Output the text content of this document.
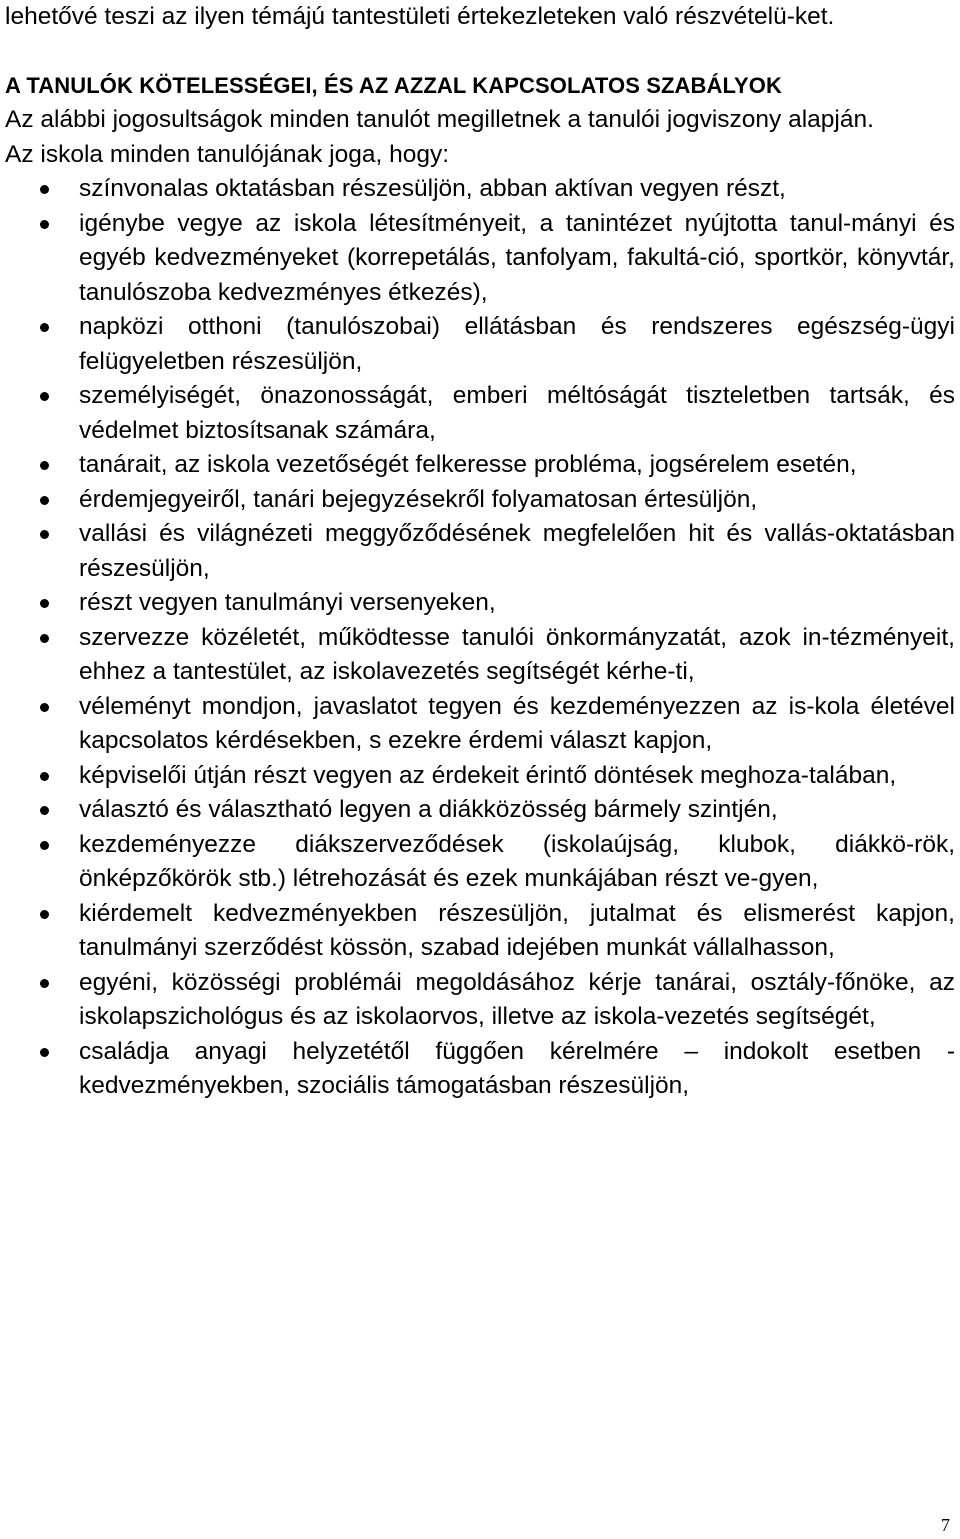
lehetővé teszi az ilyen témájú tantestületi értekezleteken való részvételü-ket.

A TANULÓK KÖTELESSÉGEI, ÉS AZ AZZAL KAPCSOLATOS SZABÁLYOK

Az alábbi jogosultságok minden tanulót megilletnek a tanulói jogviszony alapján.

Az iskola minden tanulójának joga, hogy:

színvonalas oktatásban részesüljön, abban aktívan vegyen részt,
igénybe vegye az iskola létesítményeit, a tanintézet nyújtotta tanul-mányi és egyéb kedvezményeket (korrepetálás, tanfolyam, fakultá-ció, sportkör, könyvtár, tanulószoba kedvezményes étkezés),
napközi otthoni (tanulószobai) ellátásban és rendszeres egészség-ügyi felügyeletben részesüljön,
személyiségét, önazonosságát, emberi méltóságát tiszteletben tartsák, és védelmet biztosítsanak számára,
tanárait, az iskola vezetőségét felkeresse probléma, jogsérelem esetén,
érdemjegyeiről, tanári bejegyzésekről folyamatosan értesüljön,
vallási és világnézeti meggyőződésének megfelelően hit és vallás-oktatásban részesüljön,
részt vegyen tanulmányi versenyeken,
szervezze közéletét, működtesse tanulói önkormányzatát, azok in-tézményeit, ehhez a tantestület, az iskolavezetés segítségét kérhe-ti,
véleményt mondjon, javaslatot tegyen és kezdeményezzen az is-kola életével kapcsolatos kérdésekben, s ezekre érdemi választ kapjon,
képviselői útján részt vegyen az érdekeit érintő döntések meghoza-talában,
választó és választható legyen a diákközösség bármely szintjén,
kezdeményezze diákszerveződések (iskolaújság, klubok, diákkö-rök, önképzőkörök stb.) létrehozását és ezek munkájában részt ve-gyen,
kiérdemelt kedvezményekben részesüljön, jutalmat és elismerést kapjon, tanulmányi szerződést kössön, szabad idejében munkát vállalhasson,
egyéni, közösségi problémái megoldásához kérje tanárai, osztály-főnöke, az iskolapszichológus és az iskolaorvos, illetve az iskola-vezetés segítségét,
családja anyagi helyzetétől függően kérelmére – indokolt esetben - kedvezményekben, szociális támogatásban részesüljön,
7
